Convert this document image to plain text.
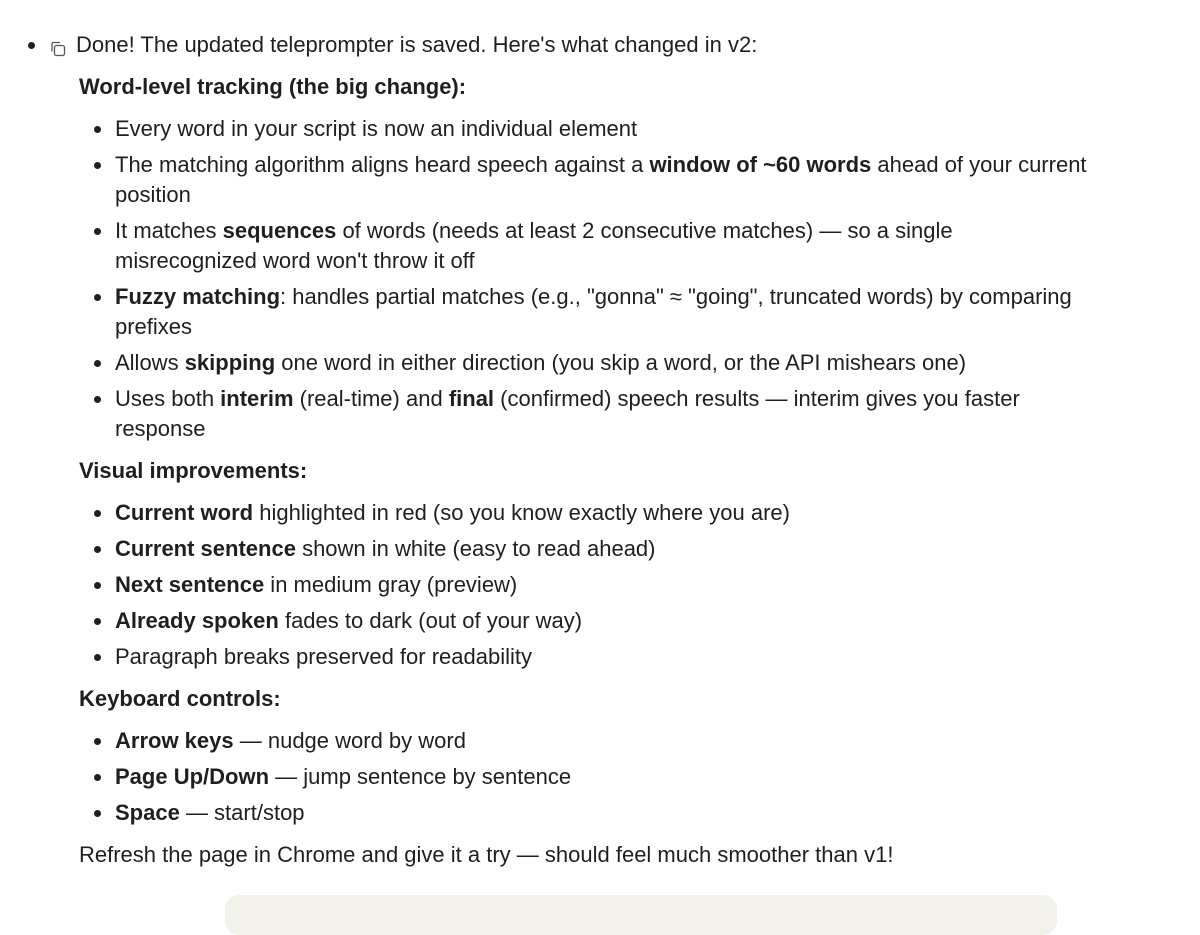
Done! The updated teleprompter is saved. Here's what changed in v2:
Word-level tracking (the big change):
Every word in your script is now an individual element
The matching algorithm aligns heard speech against a window of ~60 words ahead of your current position
It matches sequences of words (needs at least 2 consecutive matches) — so a single misrecognized word won't throw it off
Fuzzy matching: handles partial matches (e.g., "gonna" ≈ "going", truncated words) by comparing prefixes
Allows skipping one word in either direction (you skip a word, or the API mishears one)
Uses both interim (real-time) and final (confirmed) speech results — interim gives you faster response
Visual improvements:
Current word highlighted in red (so you know exactly where you are)
Current sentence shown in white (easy to read ahead)
Next sentence in medium gray (preview)
Already spoken fades to dark (out of your way)
Paragraph breaks preserved for readability
Keyboard controls:
Arrow keys — nudge word by word
Page Up/Down — jump sentence by sentence
Space — start/stop
Refresh the page in Chrome and give it a try — should feel much smoother than v1!
